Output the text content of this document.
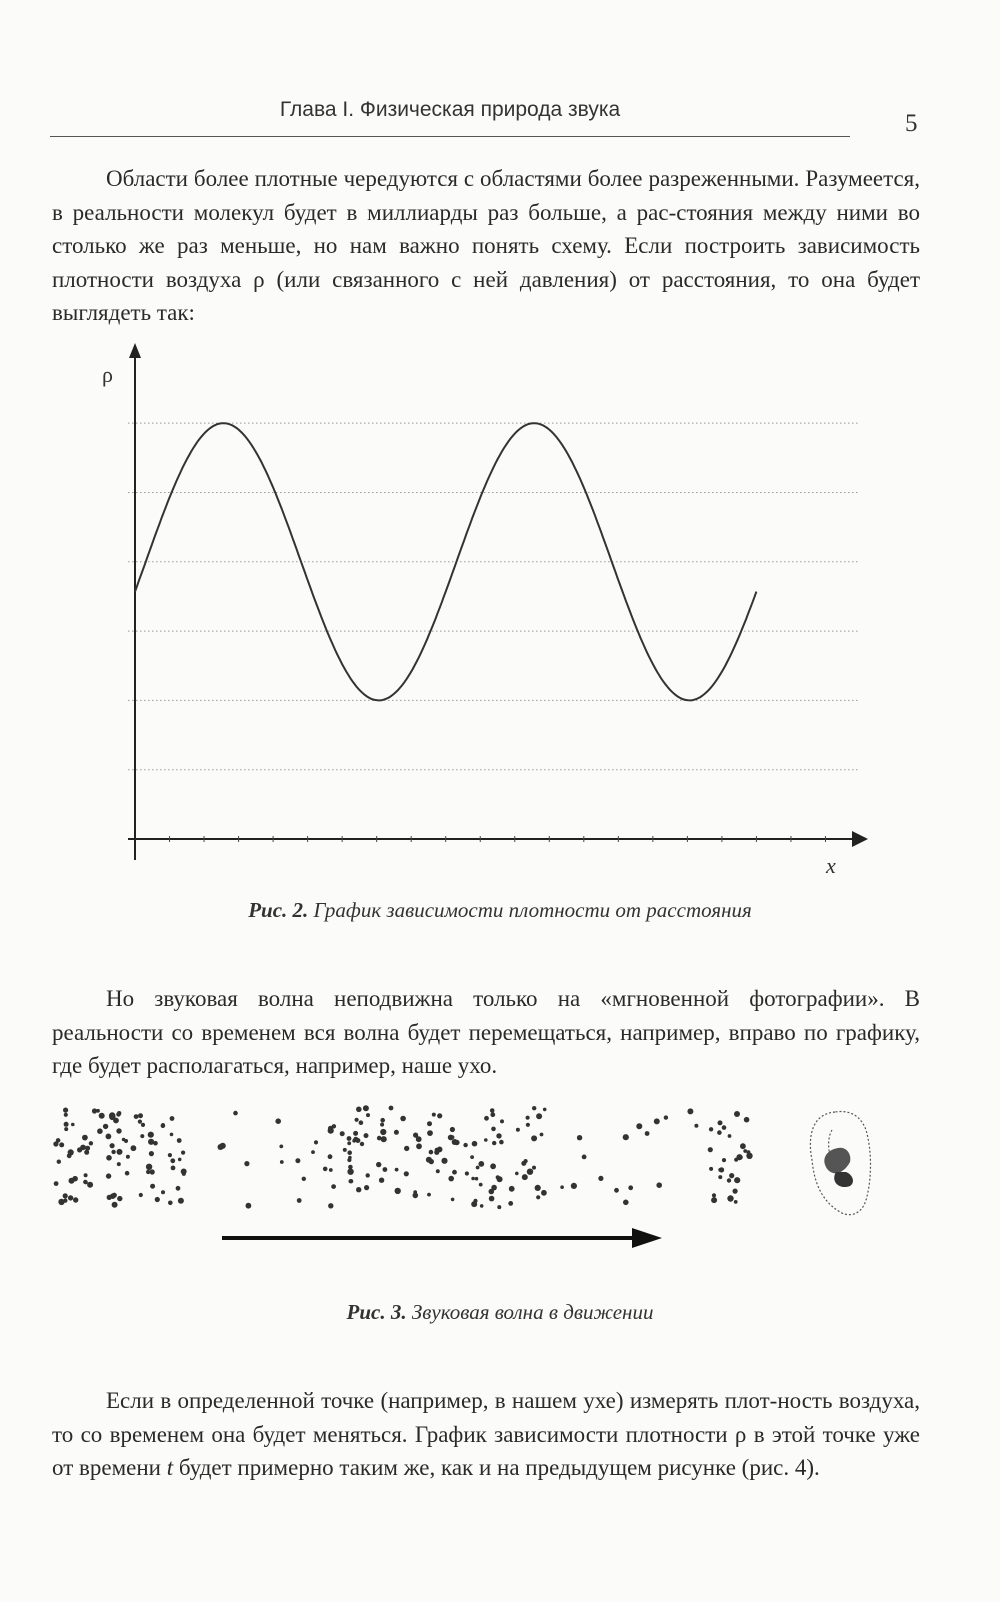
Глава I. Физическая природа звука
5

Области более плотные чередуются с областями более разреженными. Разумеется, в реальности молекул будет в миллиарды раз больше, а рас-стояния между ними во столько же раз меньше, но нам важно понять схему. Если построить зависимость плотности воздуха ρ (или связанного с ней давления) от расстояния, то она будет выглядеть так:

ρ
x
Рис. 2. График зависимости плотности от расстояния

Но звуковая волна неподвижна только на «мгновенной фотографии». В реальности со временем вся волна будет перемещаться, например, вправо по графику, где будет располагаться, например, наше ухо.

Рис. 3. Звуковая волна в движении

Если в определенной точке (например, в нашем ухе) измерять плот-ность воздуха, то со временем она будет меняться. График зависимости плотности ρ в этой точке уже от времени t будет примерно таким же, как и на предыдущем рисунке (рис. 4).
